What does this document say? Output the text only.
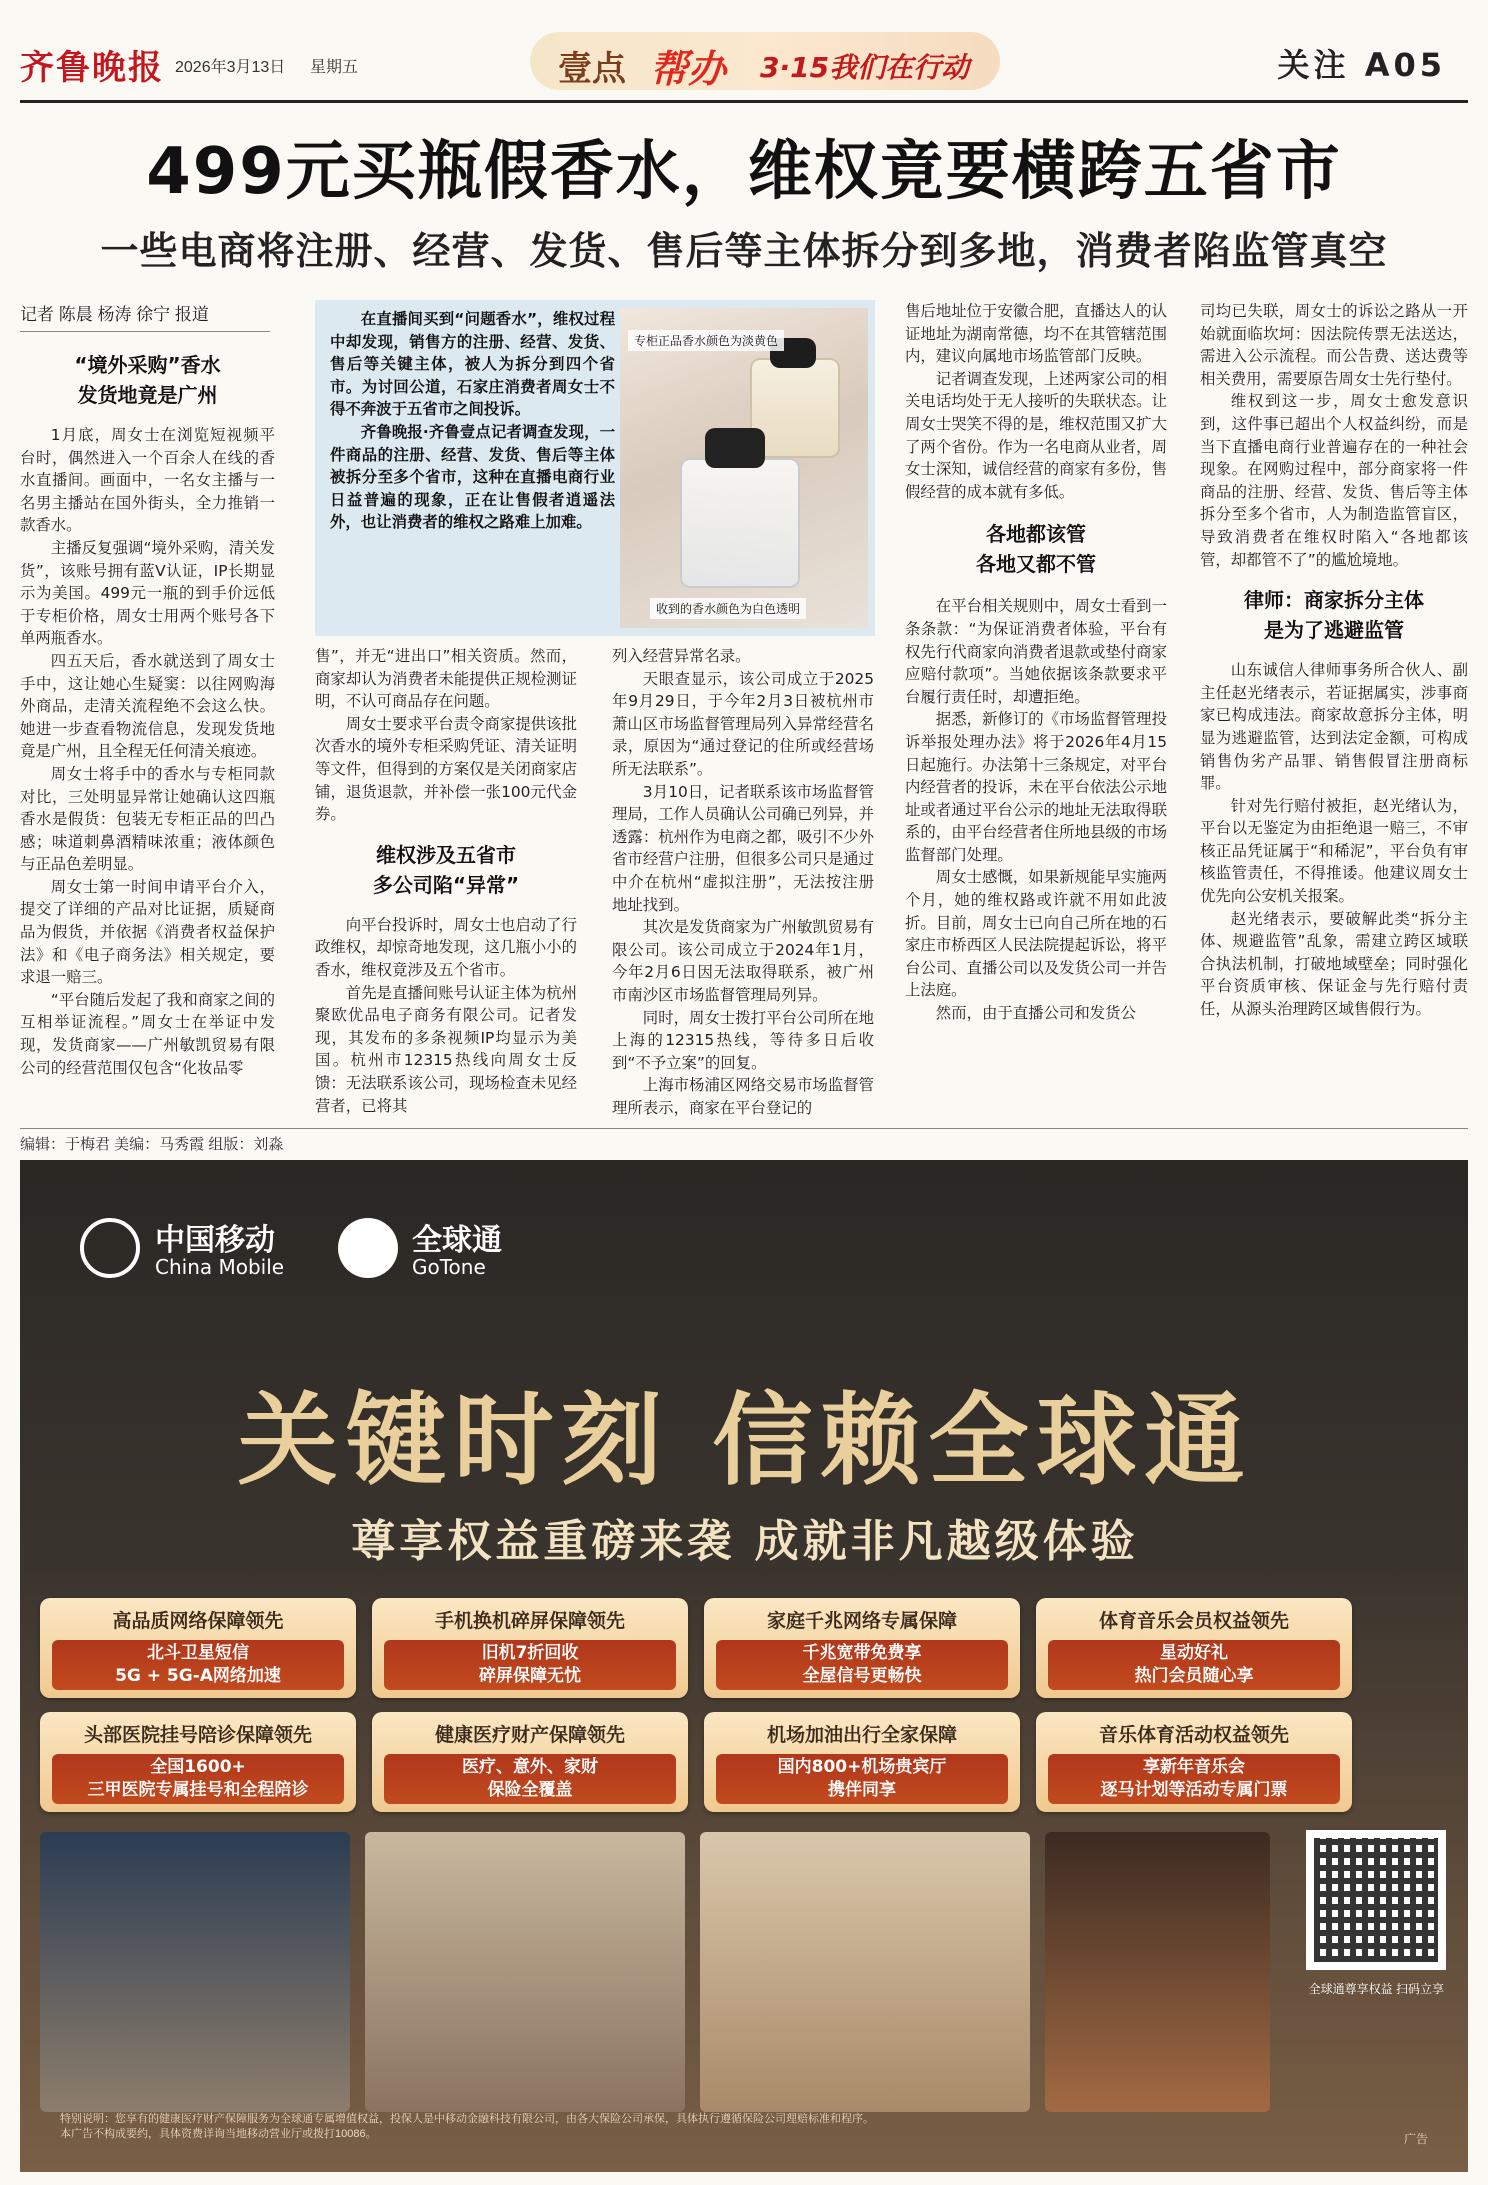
齐鲁晚报 2026年3月13日 星期五	壹点 帮办 3·15我们在行动	关注 A05
499元买瓶假香水，维权竟要横跨五省市
一些电商将注册、经营、发货、售后等主体拆分到多地，消费者陷监管真空
记者 陈晨 杨涛 徐宁 报道
“境外采购”香水
发货地竟是广州

1月底，周女士在浏览短视频平台时，偶然进入一个百余人在线的香水直播间。画面中，一名女主播与一名男主播站在国外街头，全力推销一款香水。

主播反复强调“境外采购，清关发货”，该账号拥有蓝V认证，IP长期显示为美国。499元一瓶的到手价远低于专柜价格，周女士用两个账号各下单两瓶香水。

四五天后，香水就送到了周女士手中，这让她心生疑窦：以往网购海外商品，走清关流程绝不会这么快。她进一步查看物流信息，发现发货地竟是广州，且全程无任何清关痕迹。

周女士将手中的香水与专柜同款对比，三处明显异常让她确认这四瓶香水是假货：包装无专柜正品的凹凸感；味道刺鼻酒精味浓重；液体颜色与正品色差明显。

周女士第一时间申请平台介入，提交了详细的产品对比证据，质疑商品为假货，并依据《消费者权益保护法》和《电子商务法》相关规定，要求退一赔三。

“平台随后发起了我和商家之间的互相举证流程。”周女士在举证中发现，发货商家——广州敏凯贸易有限公司的经营范围仅包含“化妆品零

在直播间买到“问题香水”，维权过程中却发现，销售方的注册、经营、发货、售后等关键主体，被人为拆分到四个省市。为讨回公道，石家庄消费者周女士不得不奔波于五省市之间投诉。

齐鲁晚报·齐鲁壹点记者调查发现，一件商品的注册、经营、发货、售后等主体被拆分至多个省市，这种在直播电商行业日益普遍的现象，正在让售假者逍遥法外，也让消费者的维权之路难上加难。

专柜正品香水颜色为淡黄色
收到的香水颜色为白色透明

售”，并无“进出口”相关资质。然而，商家却认为消费者未能提供正规检测证明，不认可商品存在问题。

周女士要求平台责令商家提供该批次香水的境外专柜采购凭证、清关证明等文件，但得到的方案仅是关闭商家店铺，退货退款，并补偿一张100元代金券。

维权涉及五省市
多公司陷“异常”

向平台投诉时，周女士也启动了行政维权，却惊奇地发现，这几瓶小小的香水，维权竟涉及五个省市。

首先是直播间账号认证主体为杭州聚欧优品电子商务有限公司。记者发现，其发布的多条视频IP均显示为美国。杭州市12315热线向周女士反馈：无法联系该公司，现场检查未见经营者，已将其

列入经营异常名录。

天眼查显示，该公司成立于2025年9月29日，于今年2月3日被杭州市萧山区市场监督管理局列入异常经营名录，原因为“通过登记的住所或经营场所无法联系”。

3月10日，记者联系该市场监督管理局，工作人员确认公司确已列异，并透露：杭州作为电商之都，吸引不少外省市经营户注册，但很多公司只是通过中介在杭州“虚拟注册”，无法按注册地址找到。

其次是发货商家为广州敏凯贸易有限公司。该公司成立于2024年1月，今年2月6日因无法取得联系，被广州市南沙区市场监督管理局列异。

同时，周女士拨打平台公司所在地上海的12315热线，等待多日后收到“不予立案”的回复。

上海市杨浦区网络交易市场监督管理所表示，商家在平台登记的

售后地址位于安徽合肥，直播达人的认证地址为湖南常德，均不在其管辖范围内，建议向属地市场监管部门反映。

记者调查发现，上述两家公司的相关电话均处于无人接听的失联状态。让周女士哭笑不得的是，维权范围又扩大了两个省份。作为一名电商从业者，周女士深知，诚信经营的商家有多份，售假经营的成本就有多低。

各地都该管
各地又都不管

在平台相关规则中，周女士看到一条条款：“为保证消费者体验，平台有权先行代商家向消费者退款或垫付商家应赔付款项”。当她依据该条款要求平台履行责任时，却遭拒绝。

据悉，新修订的《市场监督管理投诉举报处理办法》将于2026年4月15日起施行。办法第十三条规定，对平台内经营者的投诉，未在平台依法公示地址或者通过平台公示的地址无法取得联系的，由平台经营者住所地县级的市场监督部门处理。

周女士感慨，如果新规能早实施两个月，她的维权路或许就不用如此波折。目前，周女士已向自己所在地的石家庄市桥西区人民法院提起诉讼，将平台公司、直播公司以及发货公司一并告上法庭。

然而，由于直播公司和发货公

司均已失联，周女士的诉讼之路从一开始就面临坎坷：因法院传票无法送达，需进入公示流程。而公告费、送达费等相关费用，需要原告周女士先行垫付。

维权到这一步，周女士愈发意识到，这件事已超出个人权益纠纷，而是当下直播电商行业普遍存在的一种社会现象。在网购过程中，部分商家将一件商品的注册、经营、发货、售后等主体拆分至多个省市，人为制造监管盲区，导致消费者在维权时陷入“各地都该管，却都管不了”的尴尬境地。

律师：商家拆分主体
是为了逃避监管

山东诚信人律师事务所合伙人、副主任赵光绪表示，若证据属实，涉事商家已构成违法。商家故意拆分主体，明显为逃避监管，达到法定金额，可构成销售伪劣产品罪、销售假冒注册商标罪。

针对先行赔付被拒，赵光绪认为，平台以无鉴定为由拒绝退一赔三，不审核正品凭证属于“和稀泥”，平台负有审核监管责任，不得推诿。他建议周女士优先向公安机关报案。

赵光绪表示，要破解此类“拆分主体、规避监管”乱象，需建立跨区域联合执法机制，打破地域壁垒；同时强化平台资质审核、保证金与先行赔付责任，从源头治理跨区域售假行为。

编辑：于梅君 美编：马秀霞 组版：刘淼
中国移动
China Mobile
全球通
GoTone
关键时刻 信赖全球通
尊享权益重磅来袭 成就非凡越级体验
高品质网络保障领先
北斗卫星短信
5G + 5G-A网络加速
手机换机碎屏保障领先
旧机7折回收
碎屏保障无忧
家庭千兆网络专属保障
千兆宽带免费享
全屋信号更畅快
体育音乐会员权益领先
星动好礼
热门会员随心享
头部医院挂号陪诊保障领先
全国1600+
三甲医院专属挂号和全程陪诊
健康医疗财产保障领先
医疗、意外、家财
保险全覆盖
机场加油出行全家保障
国内800+机场贵宾厅
携伴同享
音乐体育活动权益领先
享新年音乐会
逐马计划等活动专属门票
全球通尊享权益 扫码立享
特别说明：您享有的健康医疗财产保障服务为全球通专属增值权益，投保人是中移动金融科技有限公司，由各大保险公司承保，具体执行遵循保险公司理赔标准和程序。
本广告不构成要约，具体资费详询当地移动营业厅或拨打10086。	广告
